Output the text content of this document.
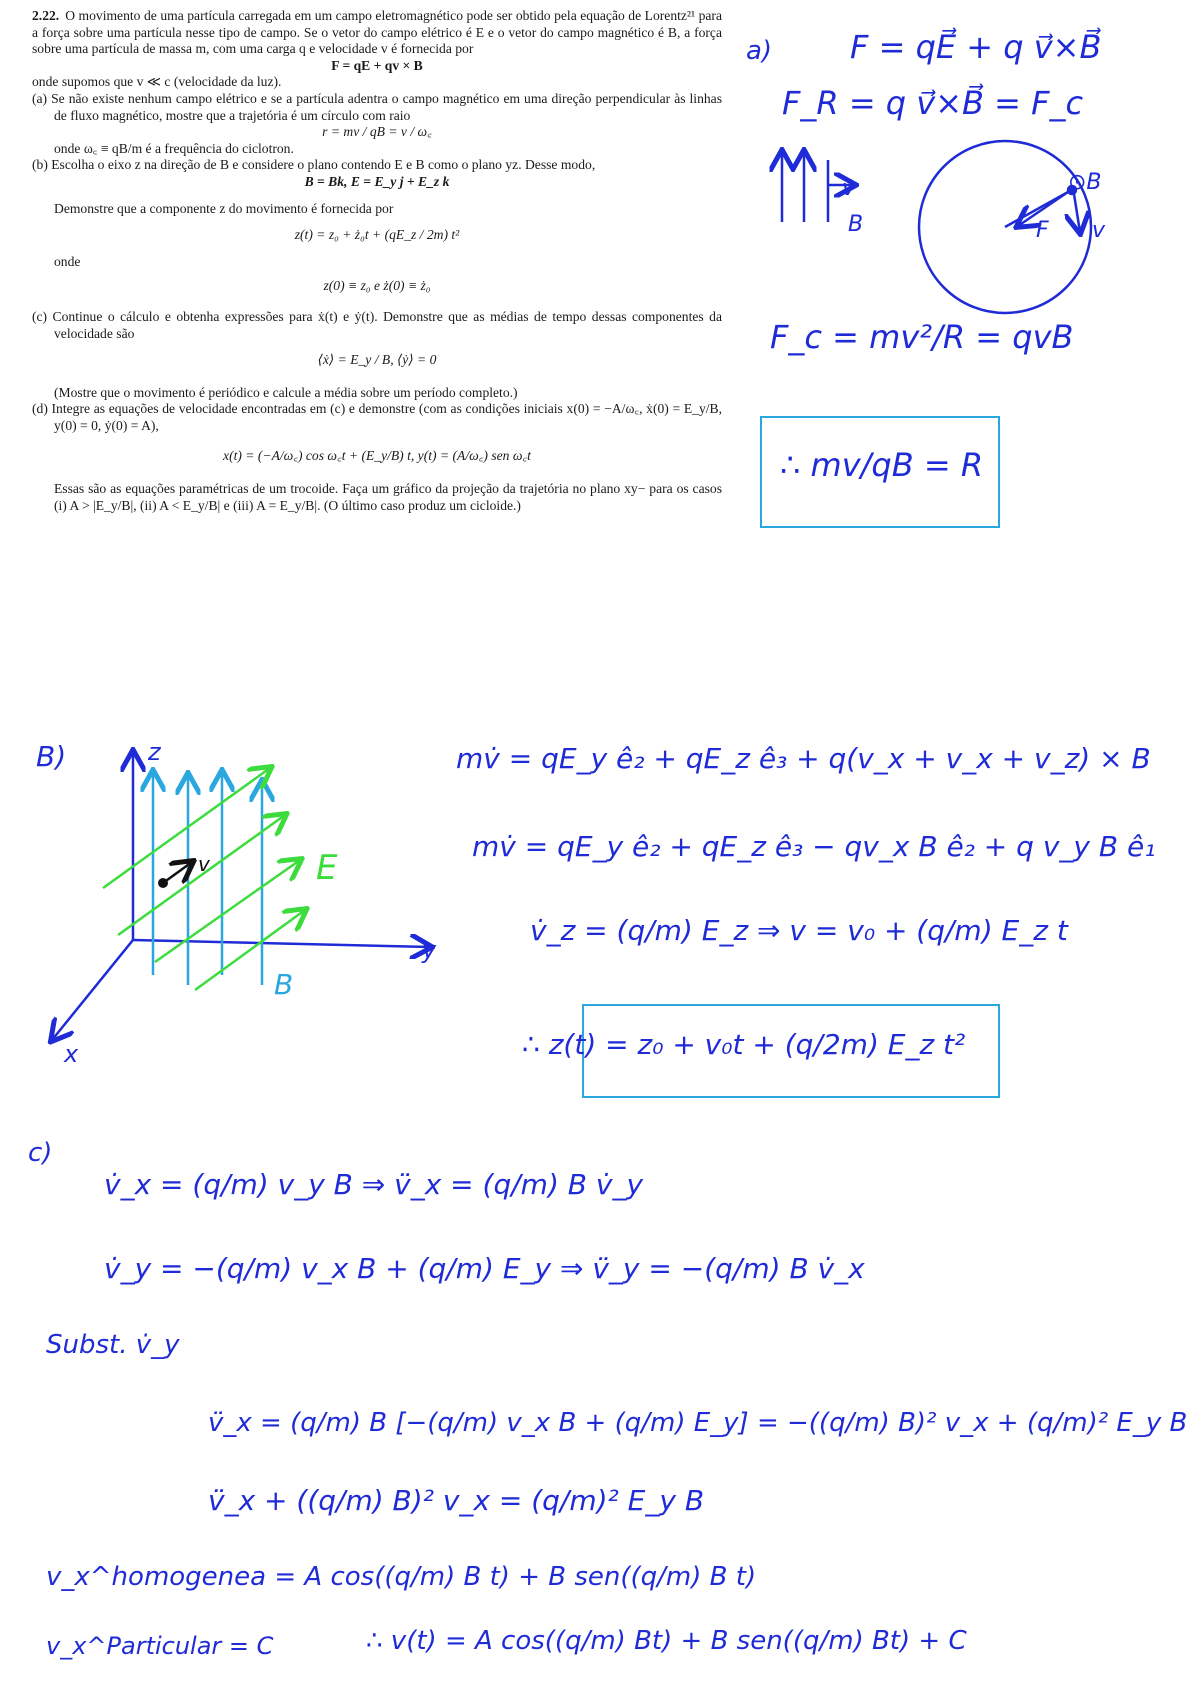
2.22. O movimento de uma partícula carregada em um campo eletromagnético pode ser obtido pela equação de Lorentz²¹ para a força sobre uma partícula nesse tipo de campo. Se o vetor do campo elétrico é E e o vetor do campo magnético é B, a força sobre uma partícula de massa m, com uma carga q e velocidade v é fornecida por

F = qE + qv × B

onde supomos que v ≪ c (velocidade da luz).

(a) Se não existe nenhum campo elétrico e se a partícula adentra o campo magnético em uma direção perpendicular às linhas de fluxo magnético, mostre que a trajetória é um círculo com raio

r = mv / qB = v / ω꜀

onde ω꜀ ≡ qB/m é a frequência do ciclotron.

(b) Escolha o eixo z na direção de B e considere o plano contendo E e B como o plano yz. Desse modo,

B = Bk, E = E_y j + E_z k

Demonstre que a componente z do movimento é fornecida por

z(t) = z₀ + ż₀t + (qE_z / 2m) t²

onde

z(0) ≡ z₀ e ż(0) ≡ ż₀

(c) Continue o cálculo e obtenha expressões para ẋ(t) e ẏ(t). Demonstre que as médias de tempo dessas componentes da velocidade são

⟨ẋ⟩ = E_y / B, ⟨ẏ⟩ = 0

(Mostre que o movimento é periódico e calcule a média sobre um período completo.)

(d) Integre as equações de velocidade encontradas em (c) e demonstre (com as condições iniciais x(0) = −A/ω꜀, ẋ(0) = E_y/B, y(0) = 0, ẏ(0) = A),

x(t) = (−A/ω꜀) cos ω꜀t + (E_y/B) t, y(t) = (A/ω꜀) sen ω꜀t

Essas são as equações paramétricas de um trocoide. Faça um gráfico da projeção da trajetória no plano xy− para os casos (i) A > |E_y/B|, (ii) A < E_y/B| e (iii) A = E_y/B|. (O último caso produz um cicloide.)

a) F = qE⃗ + q v⃗×B⃗
F_R = q v⃗×B⃗ = F_c
v
B
⊙B
F v
F_c = mv²/R = qvB
∴ mv/qB = R
B)	z
y
x
E
B
v
mv̇ = qE_y ê₂ + qE_z ê₃ + q(v_x + v_x + v_z) × B
mv̇ = qE_y ê₂ + qE_z ê₃ − qv_x B ê₂ + q v_y B ê₁
v̇_z = (q/m) E_z ⇒ v = v₀ + (q/m) E_z t
∴ z(t) = z₀ + v₀t + (q/2m) E_z t²
c)
v̇_x = (q/m) v_y B ⇒ v̈_x = (q/m) B v̇_y
v̇_y = −(q/m) v_x B + (q/m) E_y ⇒ v̈_y = −(q/m) B v̇_x
Subst. v̇_y
v̈_x = (q/m) B [−(q/m) v_x B + (q/m) E_y] = −((q/m) B)² v_x + (q/m)² E_y B
v̈_x + ((q/m) B)² v_x = (q/m)² E_y B
v_x^homogenea = A cos((q/m) B t) + B sen((q/m) B t)
v_x^Particular = C	∴ v(t) = A cos((q/m) Bt) + B sen((q/m) Bt) + C
